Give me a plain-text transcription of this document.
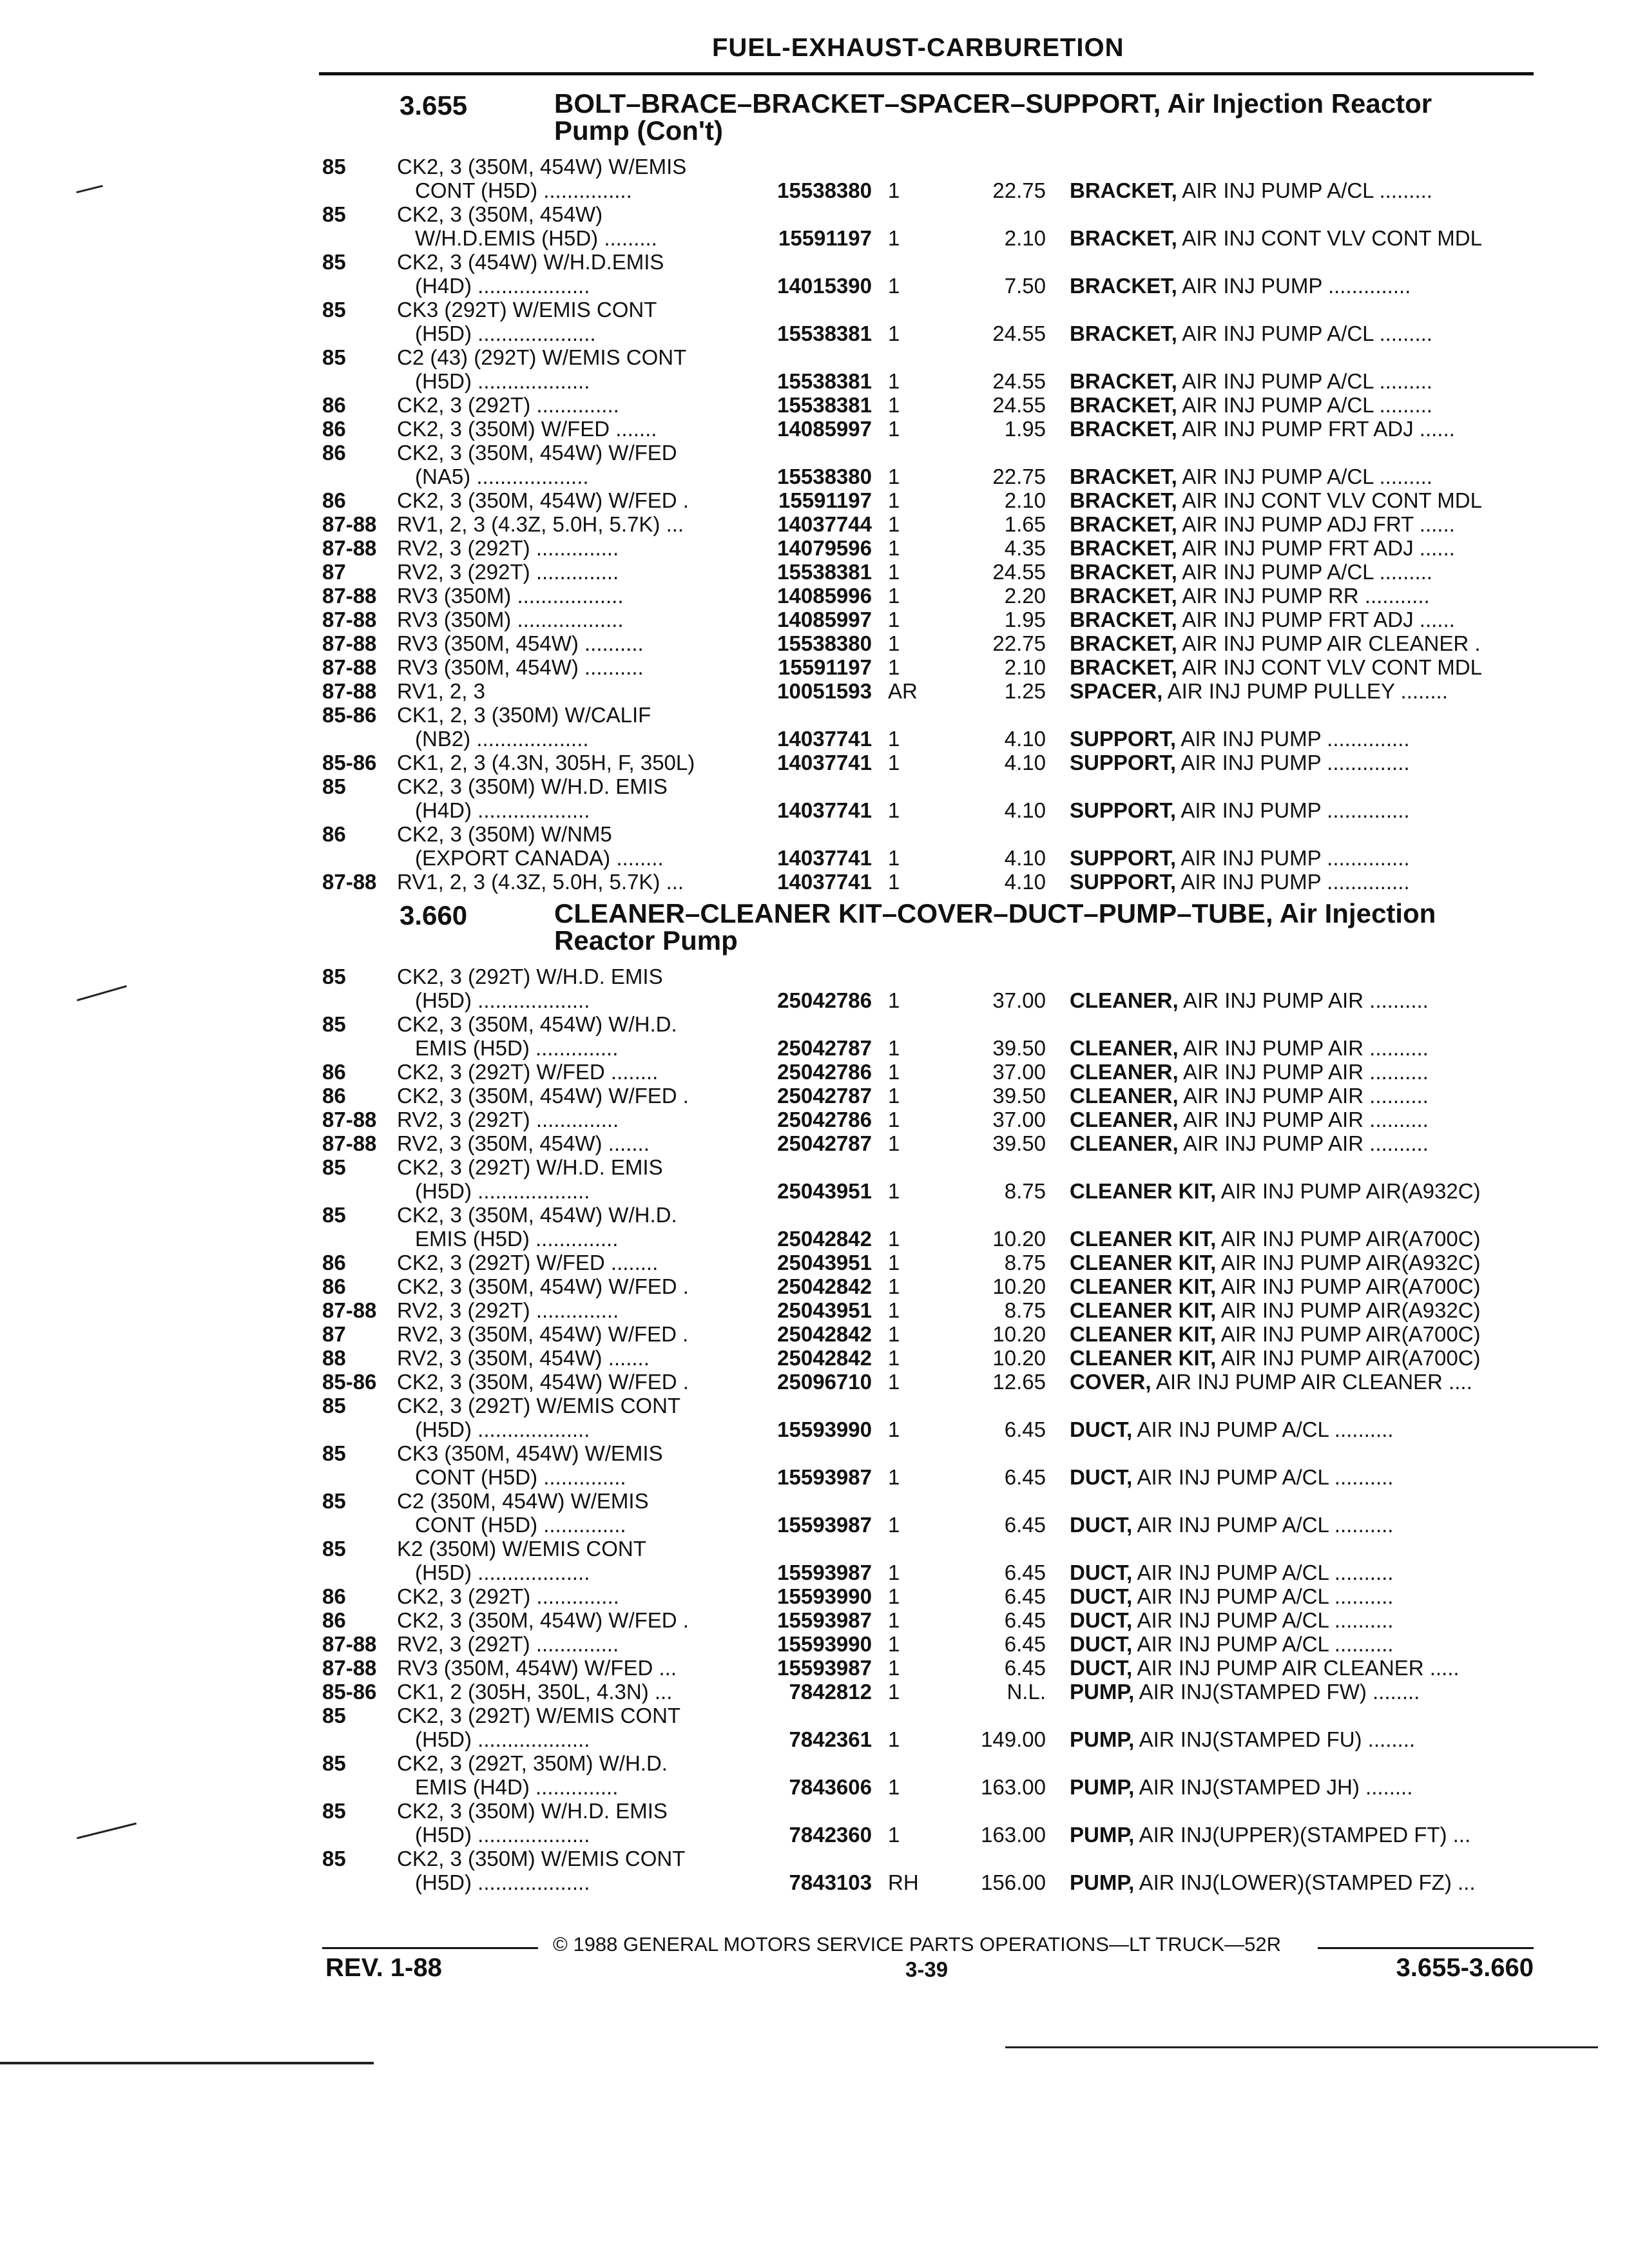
FUEL-EXHAUST-CARBURETION
3.655	BOLT–BRACE–BRACKET–SPACER–SUPPORT, Air Injection Reactor
Pump (Con't)
85 CK2, 3 (350M, 454W) W/EMIS
CONT (H5D) ...............	15538380 1	22.75 BRACKET, AIR INJ PUMP A/CL .........
85 CK2, 3 (350M, 454W)
W/H.D.EMIS (H5D) .........	15591197 1	2.10 BRACKET, AIR INJ CONT VLV CONT MDL
85 CK2, 3 (454W) W/H.D.EMIS
(H4D) ...................	14015390 1	7.50 BRACKET, AIR INJ PUMP ..............
85 CK3 (292T) W/EMIS CONT
(H5D) ....................	15538381 1	24.55 BRACKET, AIR INJ PUMP A/CL .........
85 C2 (43) (292T) W/EMIS CONT
(H5D) ...................	15538381 1	24.55 BRACKET, AIR INJ PUMP A/CL .........
86 CK2, 3 (292T) ..............	15538381 1	24.55 BRACKET, AIR INJ PUMP A/CL .........
86 CK2, 3 (350M) W/FED .......	14085997 1	1.95 BRACKET, AIR INJ PUMP FRT ADJ ......
86 CK2, 3 (350M, 454W) W/FED
(NA5) ...................	15538380 1	22.75 BRACKET, AIR INJ PUMP A/CL .........
86 CK2, 3 (350M, 454W) W/FED .	15591197 1	2.10 BRACKET, AIR INJ CONT VLV CONT MDL
87-88 RV1, 2, 3 (4.3Z, 5.0H, 5.7K) ...	14037744 1	1.65 BRACKET, AIR INJ PUMP ADJ FRT ......
87-88 RV2, 3 (292T) ..............	14079596 1	4.35 BRACKET, AIR INJ PUMP FRT ADJ ......
87 RV2, 3 (292T) ..............	15538381 1	24.55 BRACKET, AIR INJ PUMP A/CL .........
87-88 RV3 (350M) ..................	14085996 1	2.20 BRACKET, AIR INJ PUMP RR ...........
87-88 RV3 (350M) ..................	14085997 1	1.95 BRACKET, AIR INJ PUMP FRT ADJ ......
87-88 RV3 (350M, 454W) ..........	15538380 1	22.75 BRACKET, AIR INJ PUMP AIR CLEANER .
87-88 RV3 (350M, 454W) ..........	15591197 1	2.10 BRACKET, AIR INJ CONT VLV CONT MDL
87-88 RV1, 2, 3	10051593 AR	1.25 SPACER, AIR INJ PUMP PULLEY ........
85-86 CK1, 2, 3 (350M) W/CALIF
(NB2) ...................	14037741 1	4.10 SUPPORT, AIR INJ PUMP ..............
85-86 CK1, 2, 3 (4.3N, 305H, F, 350L)	14037741 1	4.10 SUPPORT, AIR INJ PUMP ..............
85 CK2, 3 (350M) W/H.D. EMIS
(H4D) ...................	14037741 1	4.10 SUPPORT, AIR INJ PUMP ..............
86 CK2, 3 (350M) W/NM5
(EXPORT CANADA) ........	14037741 1	4.10 SUPPORT, AIR INJ PUMP ..............
87-88 RV1, 2, 3 (4.3Z, 5.0H, 5.7K) ...	14037741 1	4.10 SUPPORT, AIR INJ PUMP ..............
3.660	CLEANER–CLEANER KIT–COVER–DUCT–PUMP–TUBE, Air Injection
Reactor Pump
85 CK2, 3 (292T) W/H.D. EMIS
(H5D) ...................	25042786 1	37.00 CLEANER, AIR INJ PUMP AIR ..........
85 CK2, 3 (350M, 454W) W/H.D.
EMIS (H5D) ..............	25042787 1	39.50 CLEANER, AIR INJ PUMP AIR ..........
86 CK2, 3 (292T) W/FED ........	25042786 1	37.00 CLEANER, AIR INJ PUMP AIR ..........
86 CK2, 3 (350M, 454W) W/FED .	25042787 1	39.50 CLEANER, AIR INJ PUMP AIR ..........
87-88 RV2, 3 (292T) ..............	25042786 1	37.00 CLEANER, AIR INJ PUMP AIR ..........
87-88 RV2, 3 (350M, 454W) .......	25042787 1	39.50 CLEANER, AIR INJ PUMP AIR ..........
85 CK2, 3 (292T) W/H.D. EMIS
(H5D) ...................	25043951 1	8.75 CLEANER KIT, AIR INJ PUMP AIR(A932C)
85 CK2, 3 (350M, 454W) W/H.D.
EMIS (H5D) ..............	25042842 1	10.20 CLEANER KIT, AIR INJ PUMP AIR(A700C)
86 CK2, 3 (292T) W/FED ........	25043951 1	8.75 CLEANER KIT, AIR INJ PUMP AIR(A932C)
86 CK2, 3 (350M, 454W) W/FED .	25042842 1	10.20 CLEANER KIT, AIR INJ PUMP AIR(A700C)
87-88 RV2, 3 (292T) ..............	25043951 1	8.75 CLEANER KIT, AIR INJ PUMP AIR(A932C)
87 RV2, 3 (350M, 454W) W/FED .	25042842 1	10.20 CLEANER KIT, AIR INJ PUMP AIR(A700C)
88 RV2, 3 (350M, 454W) .......	25042842 1	10.20 CLEANER KIT, AIR INJ PUMP AIR(A700C)
85-86 CK2, 3 (350M, 454W) W/FED .	25096710 1	12.65 COVER, AIR INJ PUMP AIR CLEANER ....
85 CK2, 3 (292T) W/EMIS CONT
(H5D) ...................	15593990 1	6.45 DUCT, AIR INJ PUMP A/CL ..........
85 CK3 (350M, 454W) W/EMIS
CONT (H5D) ..............	15593987 1	6.45 DUCT, AIR INJ PUMP A/CL ..........
85 C2 (350M, 454W) W/EMIS
CONT (H5D) ..............	15593987 1	6.45 DUCT, AIR INJ PUMP A/CL ..........
85 K2 (350M) W/EMIS CONT
(H5D) ...................	15593987 1	6.45 DUCT, AIR INJ PUMP A/CL ..........
86 CK2, 3 (292T) ..............	15593990 1	6.45 DUCT, AIR INJ PUMP A/CL ..........
86 CK2, 3 (350M, 454W) W/FED .	15593987 1	6.45 DUCT, AIR INJ PUMP A/CL ..........
87-88 RV2, 3 (292T) ..............	15593990 1	6.45 DUCT, AIR INJ PUMP A/CL ..........
87-88 RV3 (350M, 454W) W/FED ...	15593987 1	6.45 DUCT, AIR INJ PUMP AIR CLEANER .....
85-86 CK1, 2 (305H, 350L, 4.3N) ...	7842812 1	N.L. PUMP, AIR INJ(STAMPED FW) ........
85 CK2, 3 (292T) W/EMIS CONT
(H5D) ...................	7842361 1	149.00 PUMP, AIR INJ(STAMPED FU) ........
85 CK2, 3 (292T, 350M) W/H.D.
EMIS (H4D) ..............	7843606 1	163.00 PUMP, AIR INJ(STAMPED JH) ........
85 CK2, 3 (350M) W/H.D. EMIS
(H5D) ...................	7842360 1	163.00 PUMP, AIR INJ(UPPER)(STAMPED FT) ...
85 CK2, 3 (350M) W/EMIS CONT
(H5D) ...................	7843103 RH	156.00 PUMP, AIR INJ(LOWER)(STAMPED FZ) ...
© 1988 GENERAL MOTORS SERVICE PARTS OPERATIONS—LT TRUCK—52R
REV. 1-88	3-39	3.655-3.660
